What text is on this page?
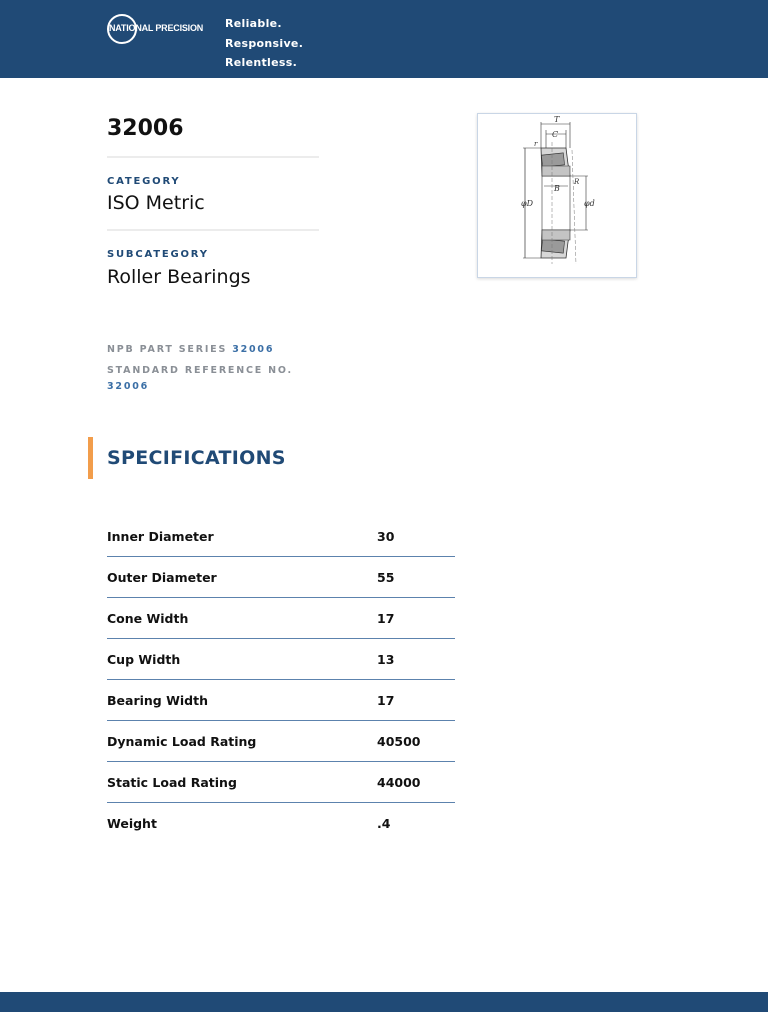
NATIONAL PRECISION Reliable.
Responsive.
Relentless.
32006
CATEGORY
ISO Metric
SUBCATEGORY
Roller Bearings
NPB PART SERIES 32006
STANDARD REFERENCE NO.
32006
T
C
r
R
B
φD	φd
SPECIFICATIONS
Inner Diameter	30
Outer Diameter	55
Cone Width	17
Cup Width	13
Bearing Width	17
Dynamic Load Rating	40500
Static Load Rating	44000
Weight	.4
